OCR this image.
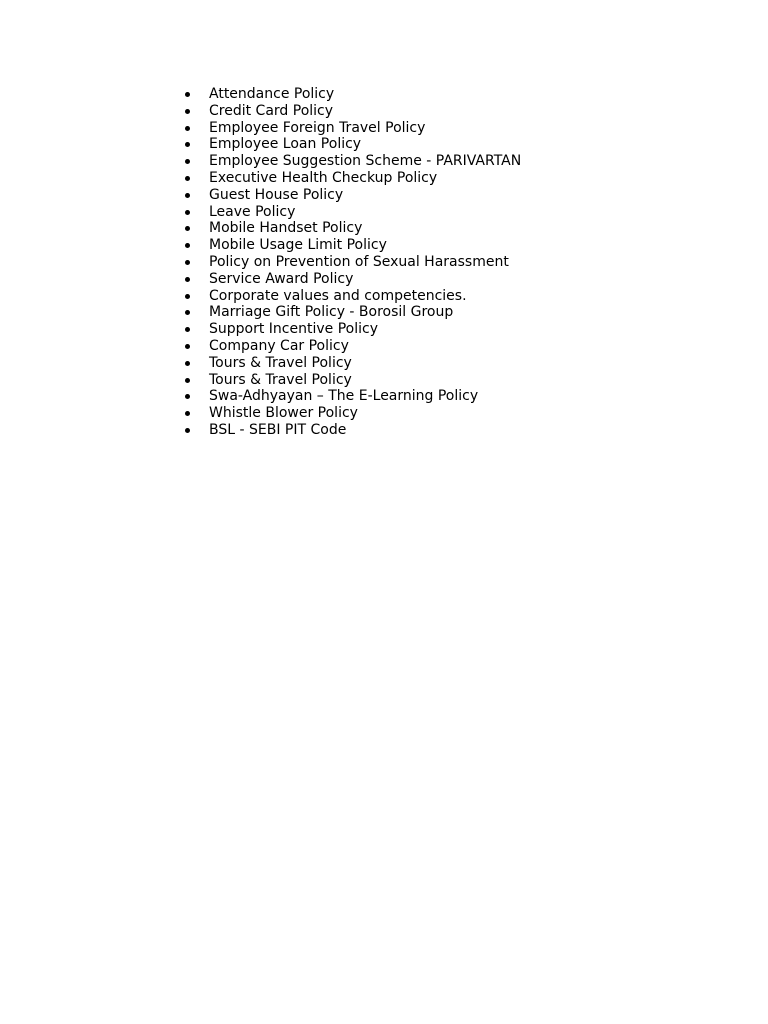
Attendance Policy
Credit Card Policy
Employee Foreign Travel Policy
Employee Loan Policy
Employee Suggestion Scheme - PARIVARTAN
Executive Health Checkup Policy
Guest House Policy
Leave Policy
Mobile Handset Policy
Mobile Usage Limit Policy
Policy on Prevention of Sexual Harassment
Service Award Policy
Corporate values and competencies.
Marriage Gift Policy - Borosil Group
Support Incentive Policy
Company Car Policy
Tours & Travel Policy
Tours & Travel Policy
Swa-Adhyayan – The E-Learning Policy
Whistle Blower Policy
BSL - SEBI PIT Code
